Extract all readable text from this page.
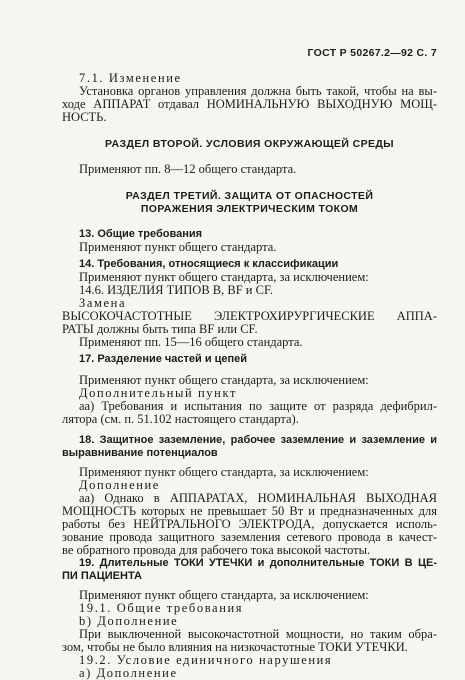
ГОСТ Р 50267.2—92 С. 7

7.1. Изменение

Установка органов управления должна быть такой, чтобы на вы-

ходе АППАРАТ отдавал НОМИНАЛЬНУЮ ВЫХОДНУЮ МОЩ-

НОСТЬ.

РАЗДЕЛ ВТОРОЙ. УСЛОВИЯ ОКРУЖАЮЩЕЙ СРЕДЫ

Применяют пп. 8—12 общего стандарта.

РАЗДЕЛ ТРЕТИЙ. ЗАЩИТА ОТ ОПАСНОСТЕЙ

ПОРАЖЕНИЯ ЭЛЕКТРИЧЕСКИМ ТОКОМ

13. Общие требования

Применяют пункт общего стандарта.

14. Требования, относящиеся к классификации

Применяют пункт общего стандарта, за исключением:

14.6. ИЗДЕЛИЯ ТИПОВ B, BF и CF.

Замена

ВЫСОКОЧАСТОТНЫЕ ЭЛЕКТРОХИРУРГИЧЕСКИЕ АППА-

РАТЫ должны быть типа BF или CF.

Применяют пп. 15—16 общего стандарта.

17. Разделение частей и цепей

Применяют пункт общего стандарта, за исключением:

Дополнительный пункт

aa) Требования и испытания по защите от разряда дефибрил-

лятора (см. п. 51.102 настоящего стандарта).

18. Защитное заземление, рабочее заземление и заземление и

выравнивание потенциалов

Применяют пункт общего стандарта, за исключением:

Дополнение

aa) Однако в АППАРАТАХ, НОМИНАЛЬНАЯ ВЫХОДНАЯ

МОЩНОСТЬ которых не превышает 50 Вт и предназначенных для

работы без НЕЙТРАЛЬНОГО ЭЛЕКТРОДА, допускается исполь-

зование провода защитного заземления сетевого провода в качест-

ве обратного провода для рабочего тока высокой частоты.

19. Длительные ТОКИ УТЕЧКИ и дополнительные ТОКИ В ЦЕ-

ПИ ПАЦИЕНТА

Применяют пункт общего стандарта, за исключением:

19.1. Общие требования

b) Дополнение

При выключенной высокочастотной мощности, но таким обра-

зом, чтобы не было влияния на низкочастотные ТОКИ УТЕЧКИ.

19.2. Условие единичного нарушения

a) Дополнение
